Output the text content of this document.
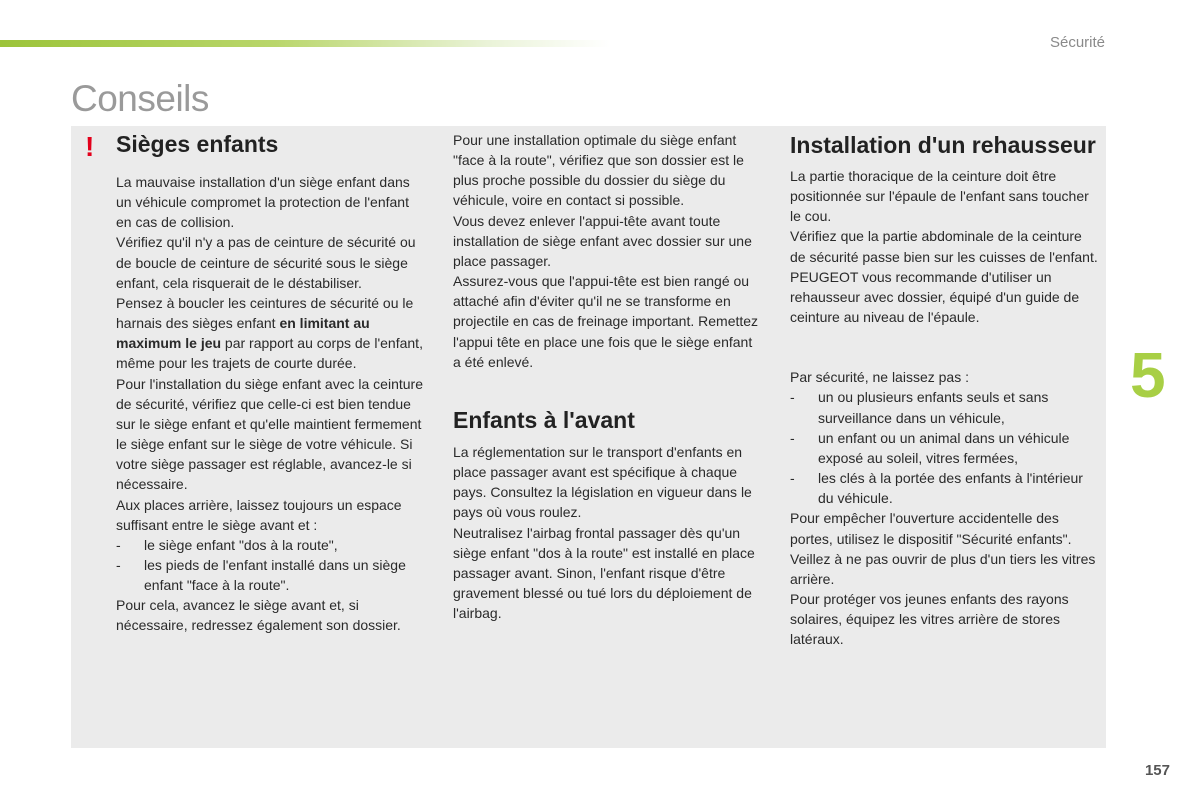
Sécurité
Conseils
! Sièges enfants

La mauvaise installation d'un siège enfant dans un véhicule compromet la protection de l'enfant en cas de collision.

Vérifiez qu'il n'y a pas de ceinture de sécurité ou de boucle de ceinture de sécurité sous le siège enfant, cela risquerait de le déstabiliser.

Pensez à boucler les ceintures de sécurité ou le harnais des sièges enfant en limitant au maximum le jeu par rapport au corps de l'enfant, même pour les trajets de courte durée.

Pour l'installation du siège enfant avec la ceinture de sécurité, vérifiez que celle-ci est bien tendue sur le siège enfant et qu'elle maintient fermement le siège enfant sur le siège de votre véhicule. Si votre siège passager est réglable, avancez-le si nécessaire.

Aux places arrière, laissez toujours un espace suffisant entre le siège avant et :

- le siège enfant "dos à la route",
- les pieds de l'enfant installé dans un siège enfant "face à la route".

Pour cela, avancez le siège avant et, si nécessaire, redressez également son dossier.

Pour une installation optimale du siège enfant "face à la route", vérifiez que son dossier est le plus proche possible du dossier du siège du véhicule, voire en contact si possible.

Vous devez enlever l'appui-tête avant toute installation de siège enfant avec dossier sur une place passager.

Assurez-vous que l'appui-tête est bien rangé ou attaché afin d'éviter qu'il ne se transforme en projectile en cas de freinage important. Remettez l'appui tête en place une fois que le siège enfant a été enlevé.

Enfants à l'avant

La réglementation sur le transport d'enfants en place passager avant est spécifique à chaque pays. Consultez la législation en vigueur dans le pays où vous roulez.

Neutralisez l'airbag frontal passager dès qu'un siège enfant "dos à la route" est installé en place passager avant. Sinon, l'enfant risque d'être gravement blessé ou tué lors du déploiement de l'airbag.

Installation d'un rehausseur

La partie thoracique de la ceinture doit être positionnée sur l'épaule de l'enfant sans toucher le cou.

Vérifiez que la partie abdominale de la ceinture de sécurité passe bien sur les cuisses de l'enfant.

PEUGEOT vous recommande d'utiliser un rehausseur avec dossier, équipé d'un guide de ceinture au niveau de l'épaule.

Par sécurité, ne laissez pas :

- un ou plusieurs enfants seuls et sans surveillance dans un véhicule,
- un enfant ou un animal dans un véhicule exposé au soleil, vitres fermées,
- les clés à la portée des enfants à l'intérieur du véhicule.

Pour empêcher l'ouverture accidentelle des portes, utilisez le dispositif "Sécurité enfants".

Veillez à ne pas ouvrir de plus d'un tiers les vitres arrière.

Pour protéger vos jeunes enfants des rayons solaires, équipez les vitres arrière de stores latéraux.

5
157
